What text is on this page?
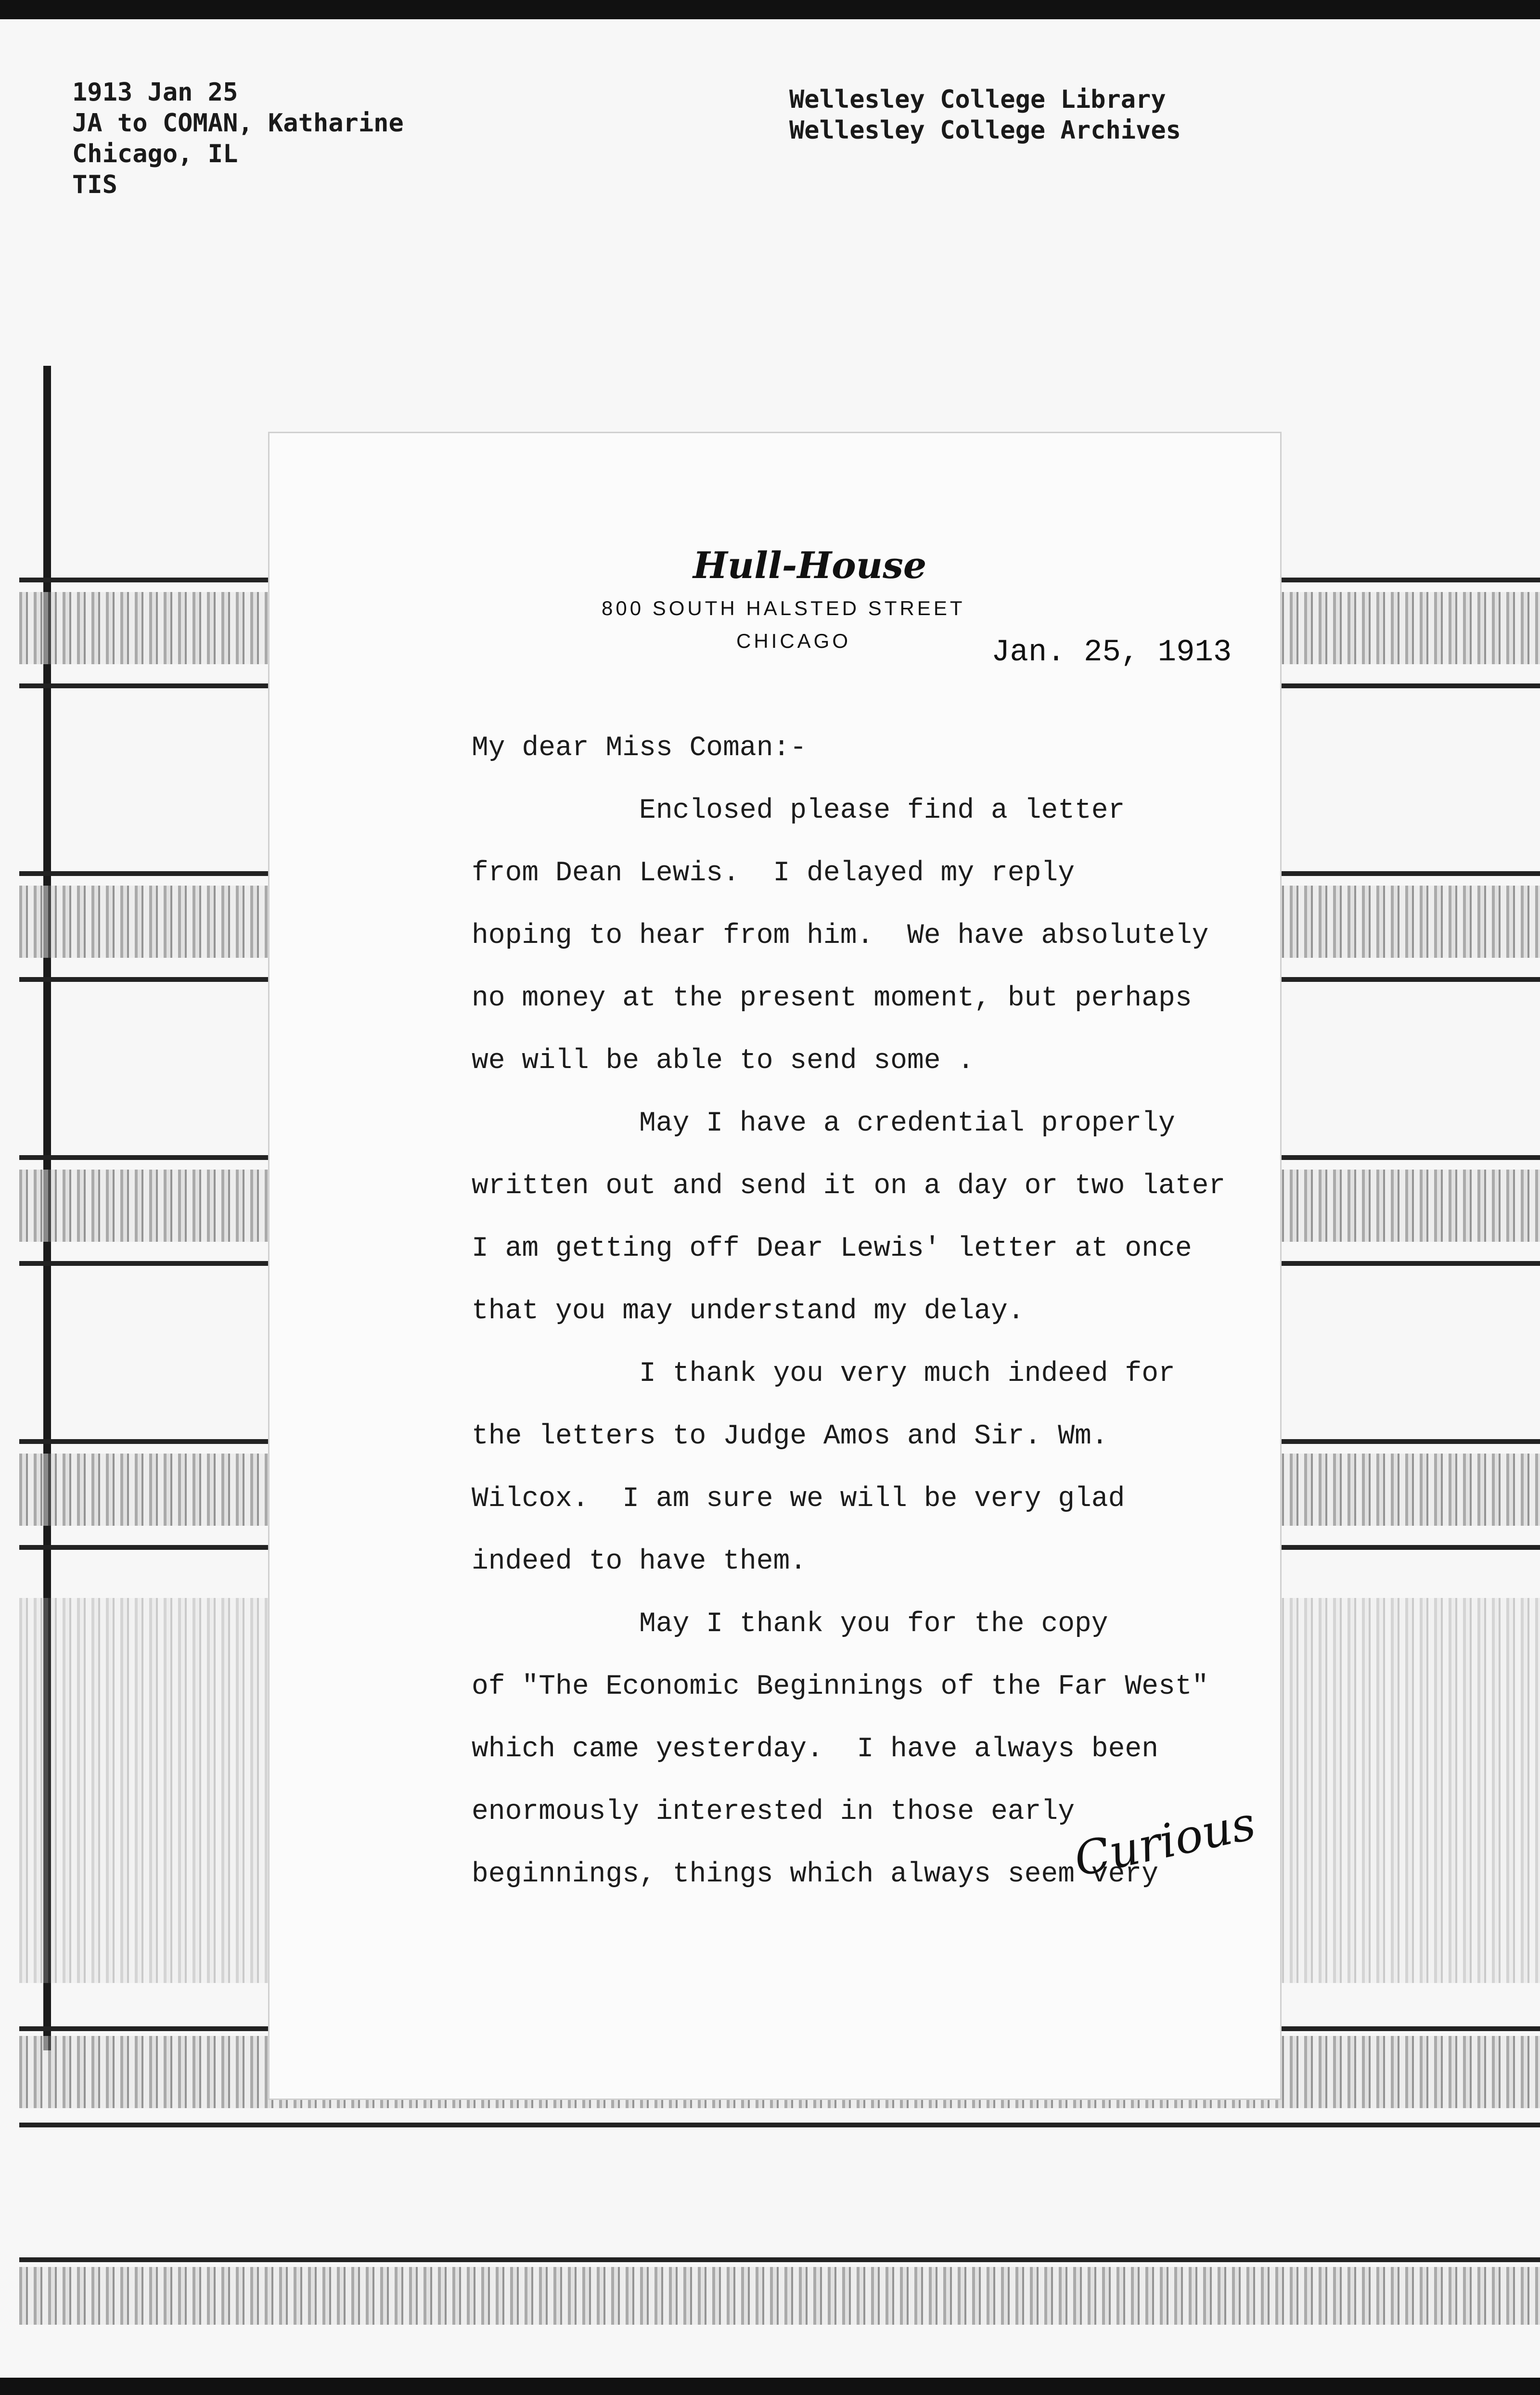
1913 Jan 25
JA to COMAN, Katharine
Chicago, IL
TIS
Wellesley College Library
Wellesley College Archives
Hull-House
800 SOUTH HALSTED STREET
CHICAGO	Jan. 25, 1913
My dear Miss Coman:-
Enclosed please find a letter
from Dean Lewis.  I delayed my reply
hoping to hear from him.  We have absolutely
no money at the present moment, but perhaps
we will be able to send some .
May I have a credential properly
written out and send it on a day or two later
I am getting off Dear Lewis' letter at once
that you may understand my delay.
I thank you very much indeed for
the letters to Judge Amos and Sir. Wm.
Wilcox.  I am sure we will be very glad
indeed to have them.
May I thank you for the copy
of "The Economic Beginnings of the Far West"
which came yesterday.  I have always been
enormously interested in those early
beginnings, things which always seem very
Curious
